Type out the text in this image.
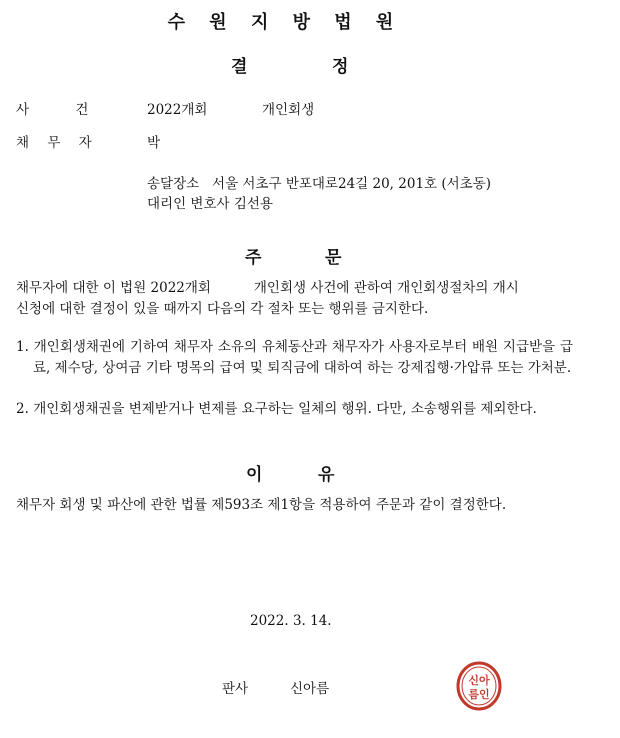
수 원 지 방 법 원
결	정
사 건	2022개회	개인회생
채 무 자	박
송달장소   서울 서초구 반포대로24길 20, 201호 (서초동)
대리인 변호사 김선용
주	문
채무자에 대한 이 법원 2022개회          개인회생 사건에 관하여 개인회생절차의 개시
신청에 대한 결정이 있을 때까지 다음의 각 절차 또는 행위를 금지한다.
1. 개인회생채권에 기하여 채무자 소유의 유체동산과 채무자가 사용자로부터 배원 지급받을 급료, 제수당, 상여금 기타 명목의 급여 및 퇴직금에 대하여 하는 강제집행·가압류 또는 가처분.
2. 개인회생채권을 변제받거나 변제를 요구하는 일체의 행위. 다만, 소송행위를 제외한다.
이	유
채무자 회생 및 파산에 관한 법률 제593조 제1항을 적용하여 주문과 같이 결정한다.
2022. 3. 14.
판사	신아름
신아
름인
